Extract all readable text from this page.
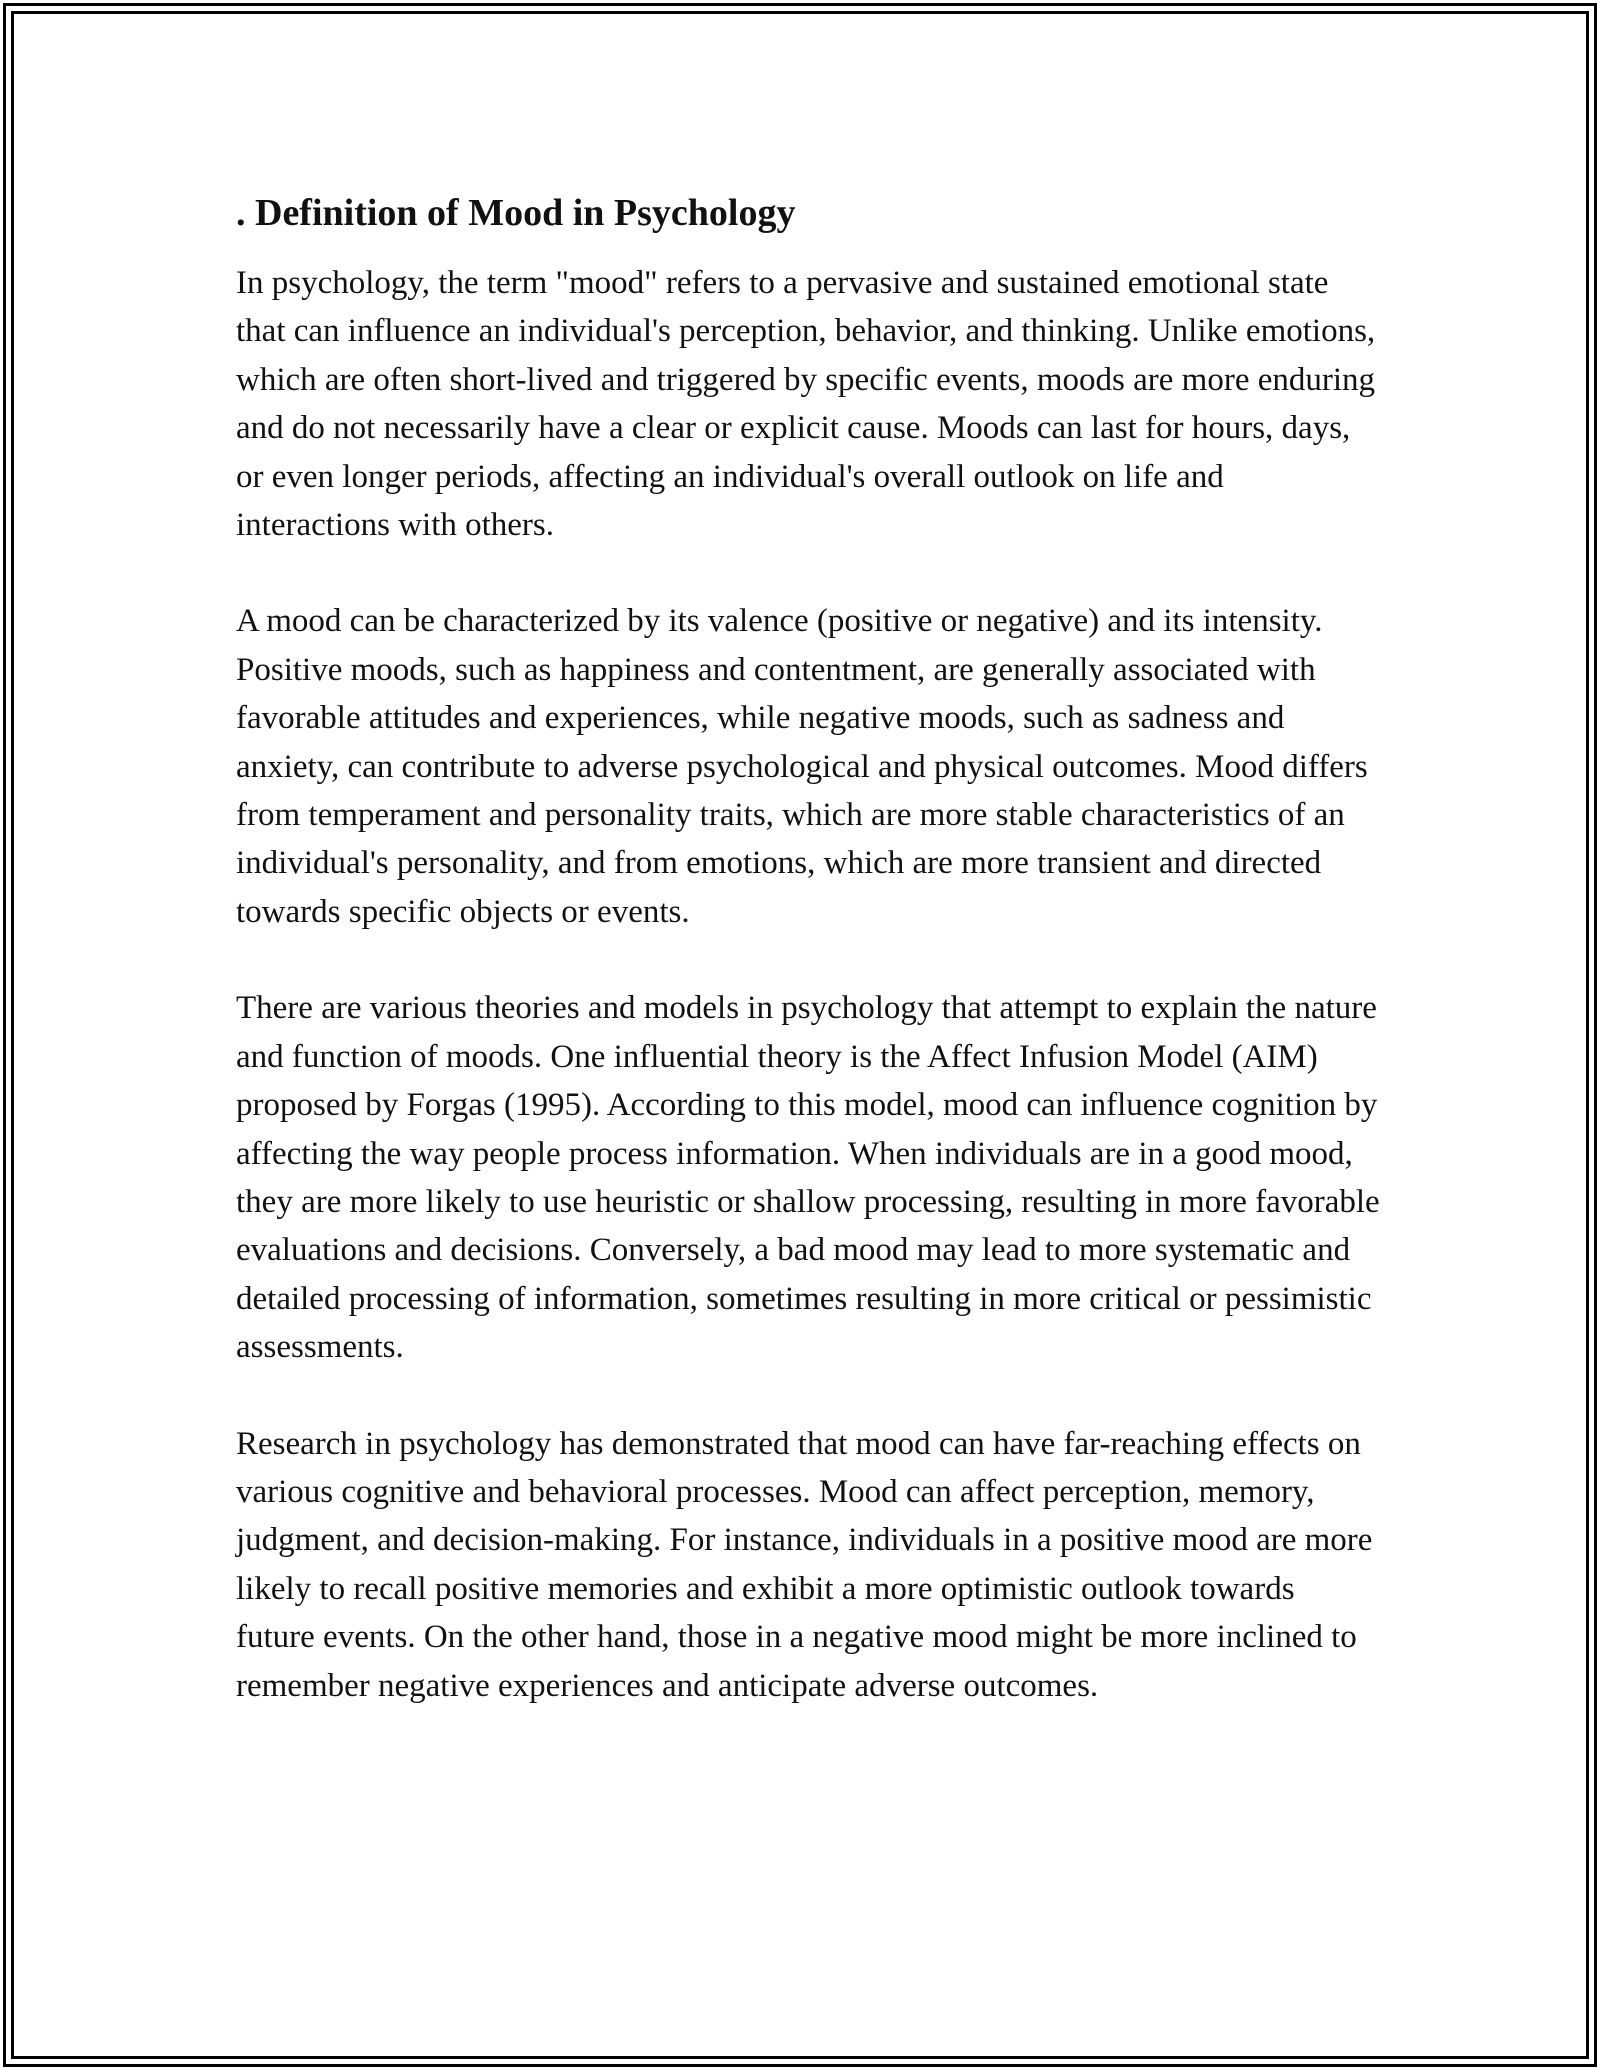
. Definition of Mood in Psychology

In psychology, the term "mood" refers to a pervasive and sustained emotional state that can influence an individual's perception, behavior, and thinking. Unlike emotions, which are often short-lived and triggered by specific events, moods are more enduring and do not necessarily have a clear or explicit cause. Moods can last for hours, days, or even longer periods, affecting an individual's overall outlook on life and interactions with others.

A mood can be characterized by its valence (positive or negative) and its intensity. Positive moods, such as happiness and contentment, are generally associated with favorable attitudes and experiences, while negative moods, such as sadness and anxiety, can contribute to adverse psychological and physical outcomes. Mood differs from temperament and personality traits, which are more stable characteristics of an individual's personality, and from emotions, which are more transient and directed towards specific objects or events.

There are various theories and models in psychology that attempt to explain the nature and function of moods. One influential theory is the Affect Infusion Model (AIM) proposed by Forgas (1995). According to this model, mood can influence cognition by affecting the way people process information. When individuals are in a good mood, they are more likely to use heuristic or shallow processing, resulting in more favorable evaluations and decisions. Conversely, a bad mood may lead to more systematic and detailed processing of information, sometimes resulting in more critical or pessimistic assessments.

Research in psychology has demonstrated that mood can have far-reaching effects on various cognitive and behavioral processes. Mood can affect perception, memory, judgment, and decision-making. For instance, individuals in a positive mood are more likely to recall positive memories and exhibit a more optimistic outlook towards future events. On the other hand, those in a negative mood might be more inclined to remember negative experiences and anticipate adverse outcomes.
